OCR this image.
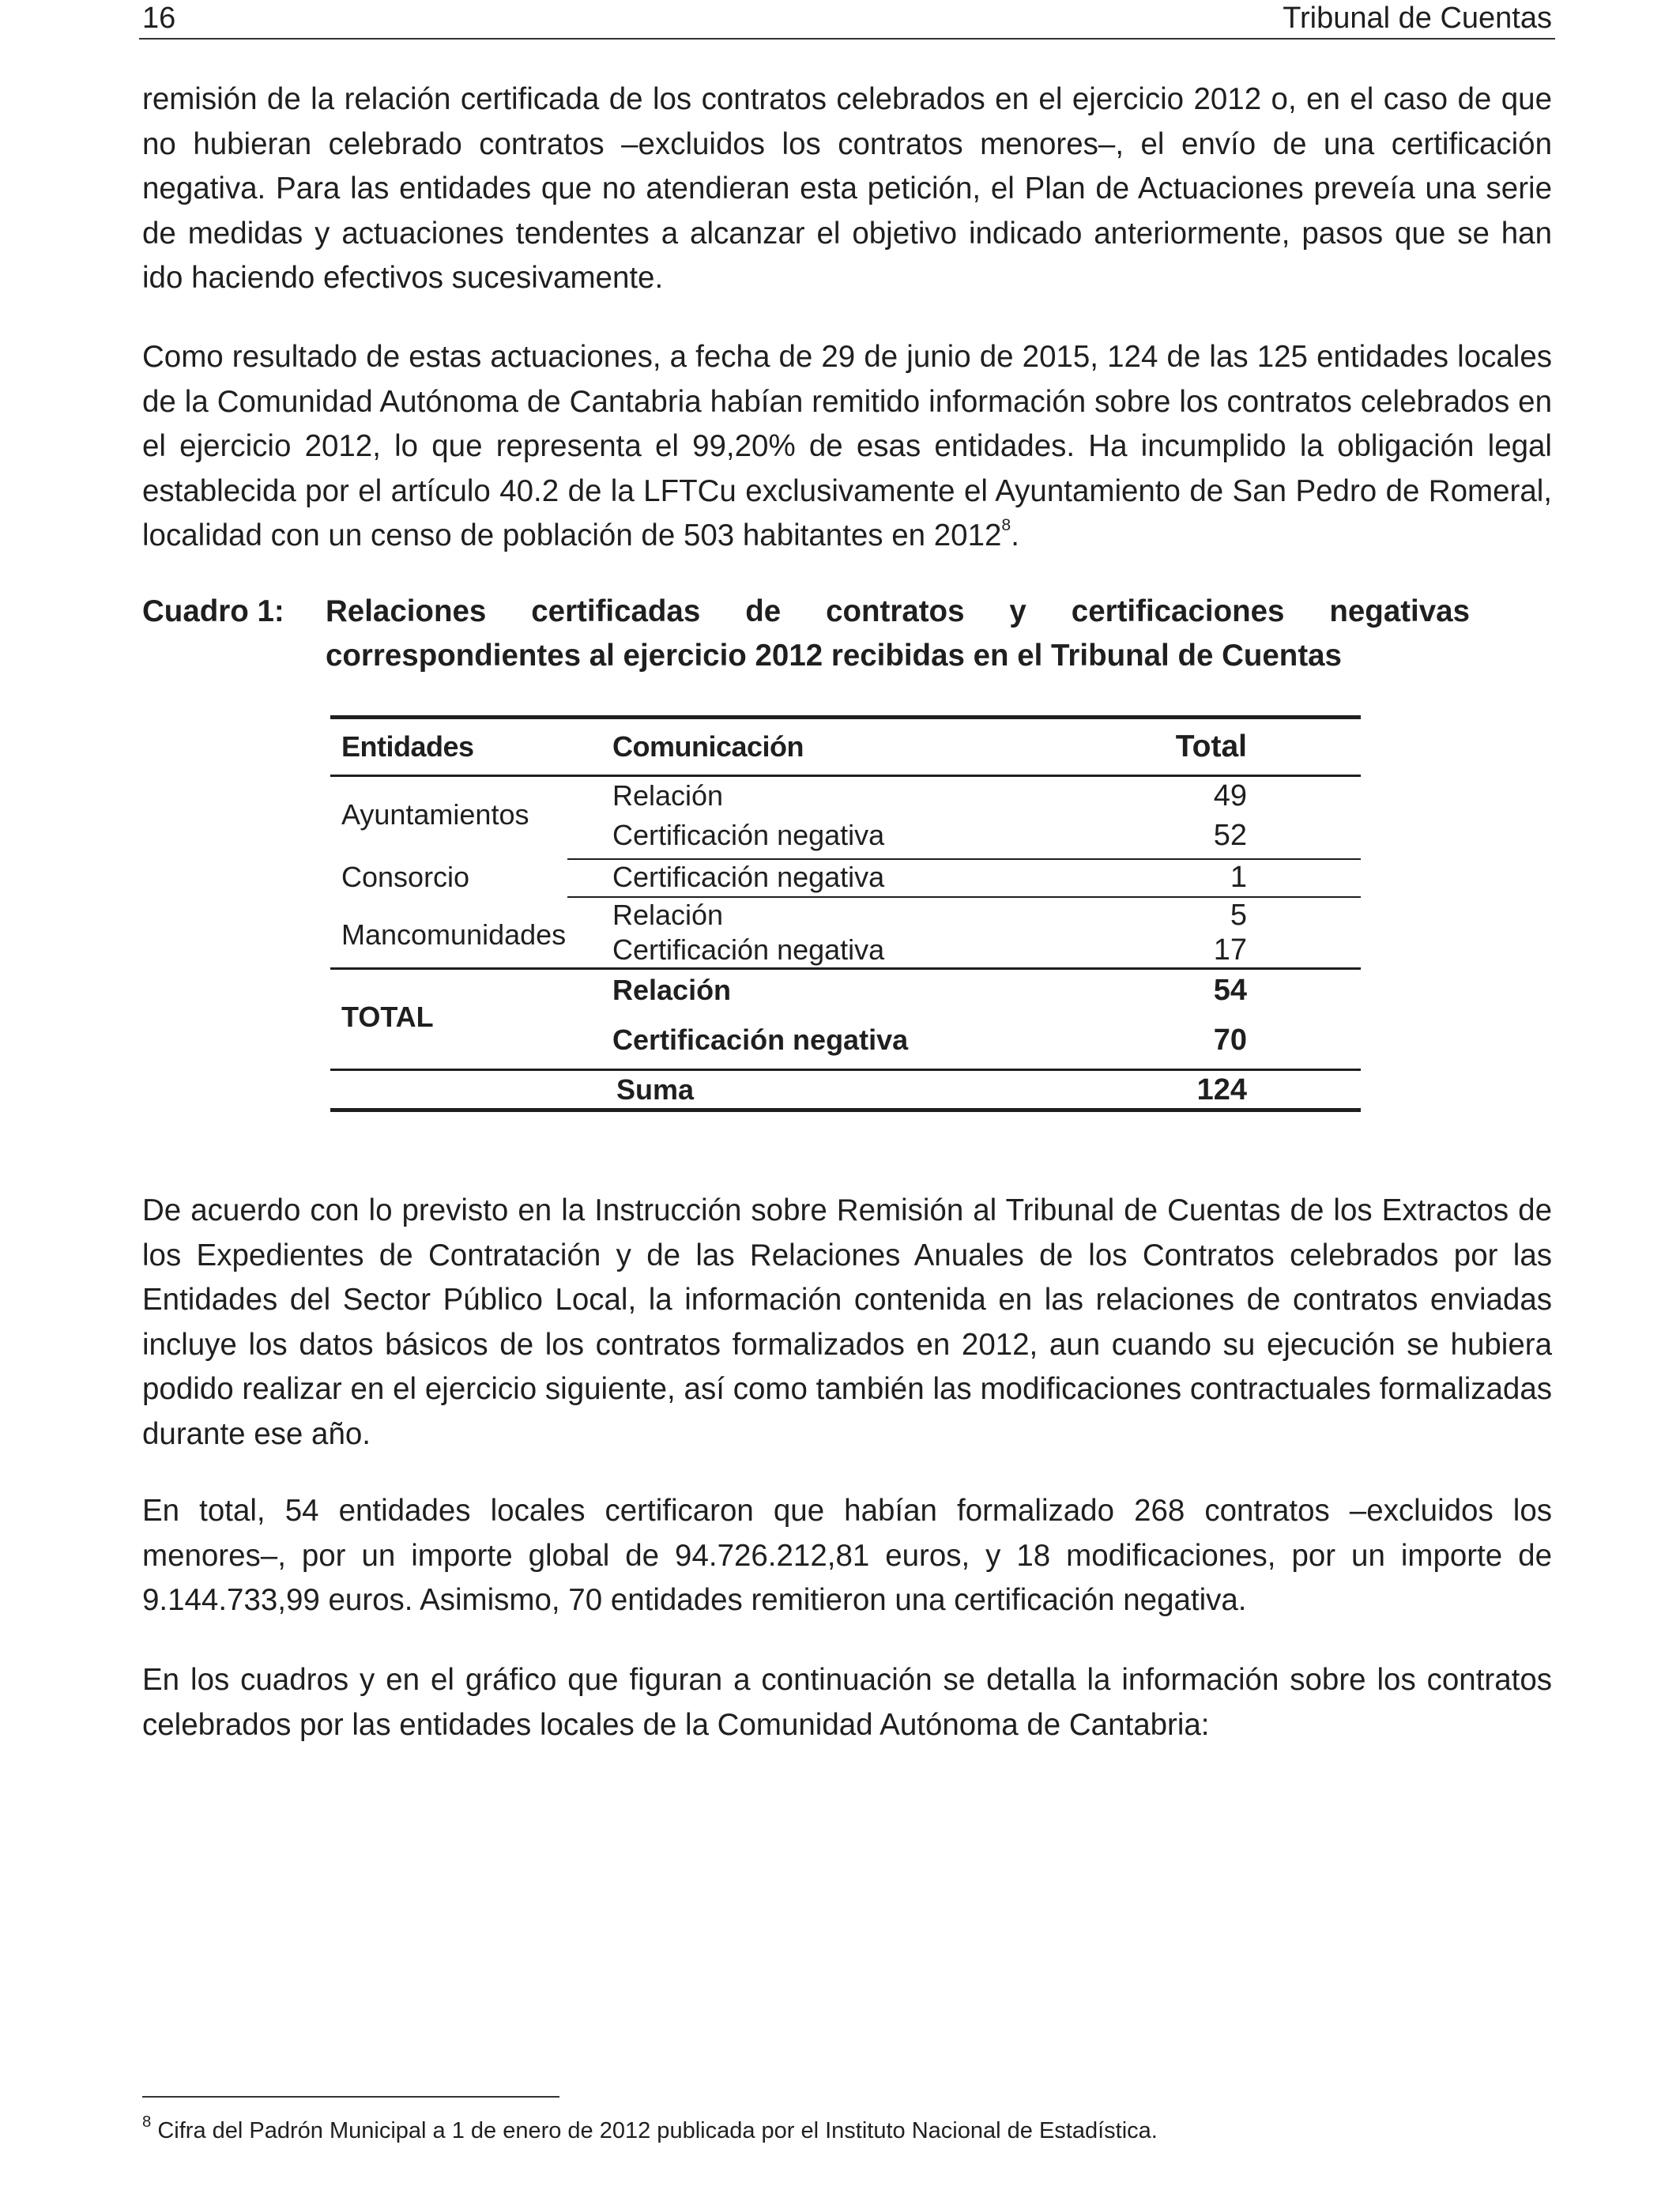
16	Tribunal de Cuentas

remisión de la relación certificada de los contratos celebrados en el ejercicio 2012 o, en el caso de que no hubieran celebrado contratos –excluidos los contratos menores–, el envío de una certificación negativa. Para las entidades que no atendieran esta petición, el Plan de Actuaciones preveía una serie de medidas y actuaciones tendentes a alcanzar el objetivo indicado anteriormente, pasos que se han ido haciendo efectivos sucesivamente.

Como resultado de estas actuaciones, a fecha de 29 de junio de 2015, 124 de las 125 entidades locales de la Comunidad Autónoma de Cantabria habían remitido información sobre los contratos celebrados en el ejercicio 2012, lo que representa el 99,20% de esas entidades. Ha incumplido la obligación legal establecida por el artículo 40.2 de la LFTCu exclusivamente el Ayuntamiento de San Pedro de Romeral, localidad con un censo de población de 503 habitantes en 2012$^8$.

Cuadro 1: Relaciones certificadas de contratos y certificaciones negativas correspondientes al ejercicio 2012 recibidas en el Tribunal de Cuentas
Entidades	Comunicación	Total
Ayuntamientos
Relación	49
Certificación negativa	52
Consorcio	Certificación negativa	1
Mancomunidades
Relación	5
Certificación negativa	17
TOTAL
Relación	54
Certificación negativa	70
Suma	124

De acuerdo con lo previsto en la Instrucción sobre Remisión al Tribunal de Cuentas de los Extractos de los Expedientes de Contratación y de las Relaciones Anuales de los Contratos celebrados por las Entidades del Sector Público Local, la información contenida en las relaciones de contratos enviadas incluye los datos básicos de los contratos formalizados en 2012, aun cuando su ejecución se hubiera podido realizar en el ejercicio siguiente, así como también las modificaciones contractuales formalizadas durante ese año.

En total, 54 entidades locales certificaron que habían formalizado 268 contratos –excluidos los menores–, por un importe global de 94.726.212,81 euros, y 18 modificaciones, por un importe de 9.144.733,99 euros. Asimismo, 70 entidades remitieron una certificación negativa.

En los cuadros y en el gráfico que figuran a continuación se detalla la información sobre los contratos celebrados por las entidades locales de la Comunidad Autónoma de Cantabria:

$^8$ Cifra del Padrón Municipal a 1 de enero de 2012 publicada por el Instituto Nacional de Estadística.
